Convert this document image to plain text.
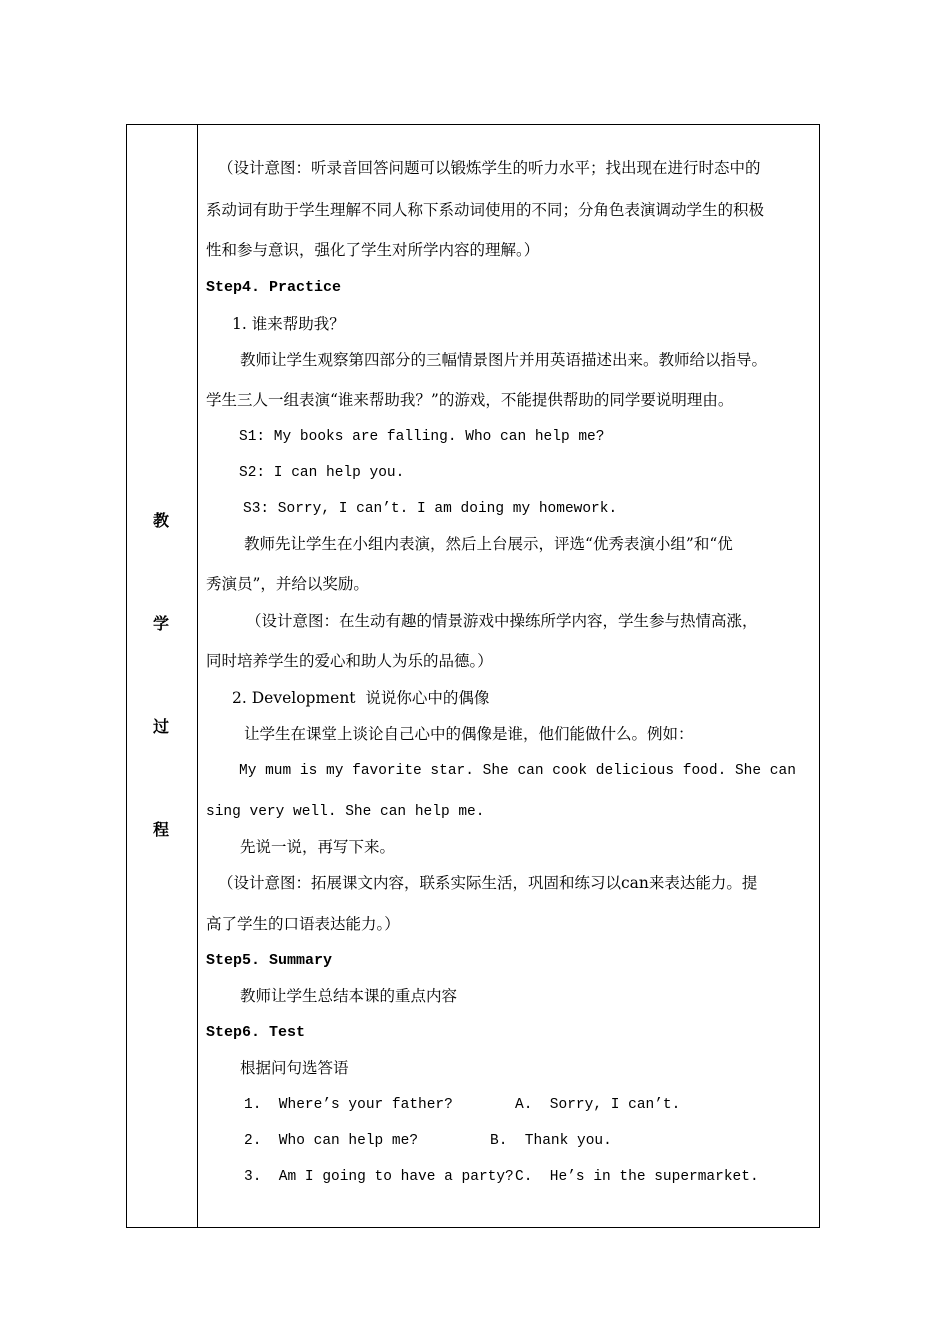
教
学
过
程
（设计意图：听录音回答问题可以锻炼学生的听力水平；找出现在进行时态中的
系动词有助于学生理解不同人称下系动词使用的不同；分角色表演调动学生的积极
性和参与意识，强化了学生对所学内容的理解。）
Step4. Practice
1. 谁来帮助我？
教师让学生观察第四部分的三幅情景图片并用英语描述出来。教师给以指导。
学生三人一组表演“谁来帮助我？”的游戏，不能提供帮助的同学要说明理由。
S1: My books are falling. Who can help me?
S2: I can help you.
S3: Sorry, I can’t. I am doing my homework.
教师先让学生在小组内表演，然后上台展示，评选“优秀表演小组”和“优
秀演员”，并给以奖励。
（设计意图：在生动有趣的情景游戏中操练所学内容，学生参与热情高涨，
同时培养学生的爱心和助人为乐的品德。）
2. Development  说说你心中的偶像
让学生在课堂上谈论自己心中的偶像是谁，他们能做什么。例如：
My mum is my favorite star. She can cook delicious food. She can
sing very well. She can help me.
先说一说，再写下来。
（设计意图：拓展课文内容，联系实际生活，巩固和练习以can来表达能力。提
高了学生的口语表达能力。）
Step5. Summary
教师让学生总结本课的重点内容
Step6. Test
根据问句选答语
1.  Where’s your father?	A.  Sorry, I can’t.
2.  Who can help me?	B.  Thank you.
3.  Am I going to have a party? C.  He’s in the supermarket.
